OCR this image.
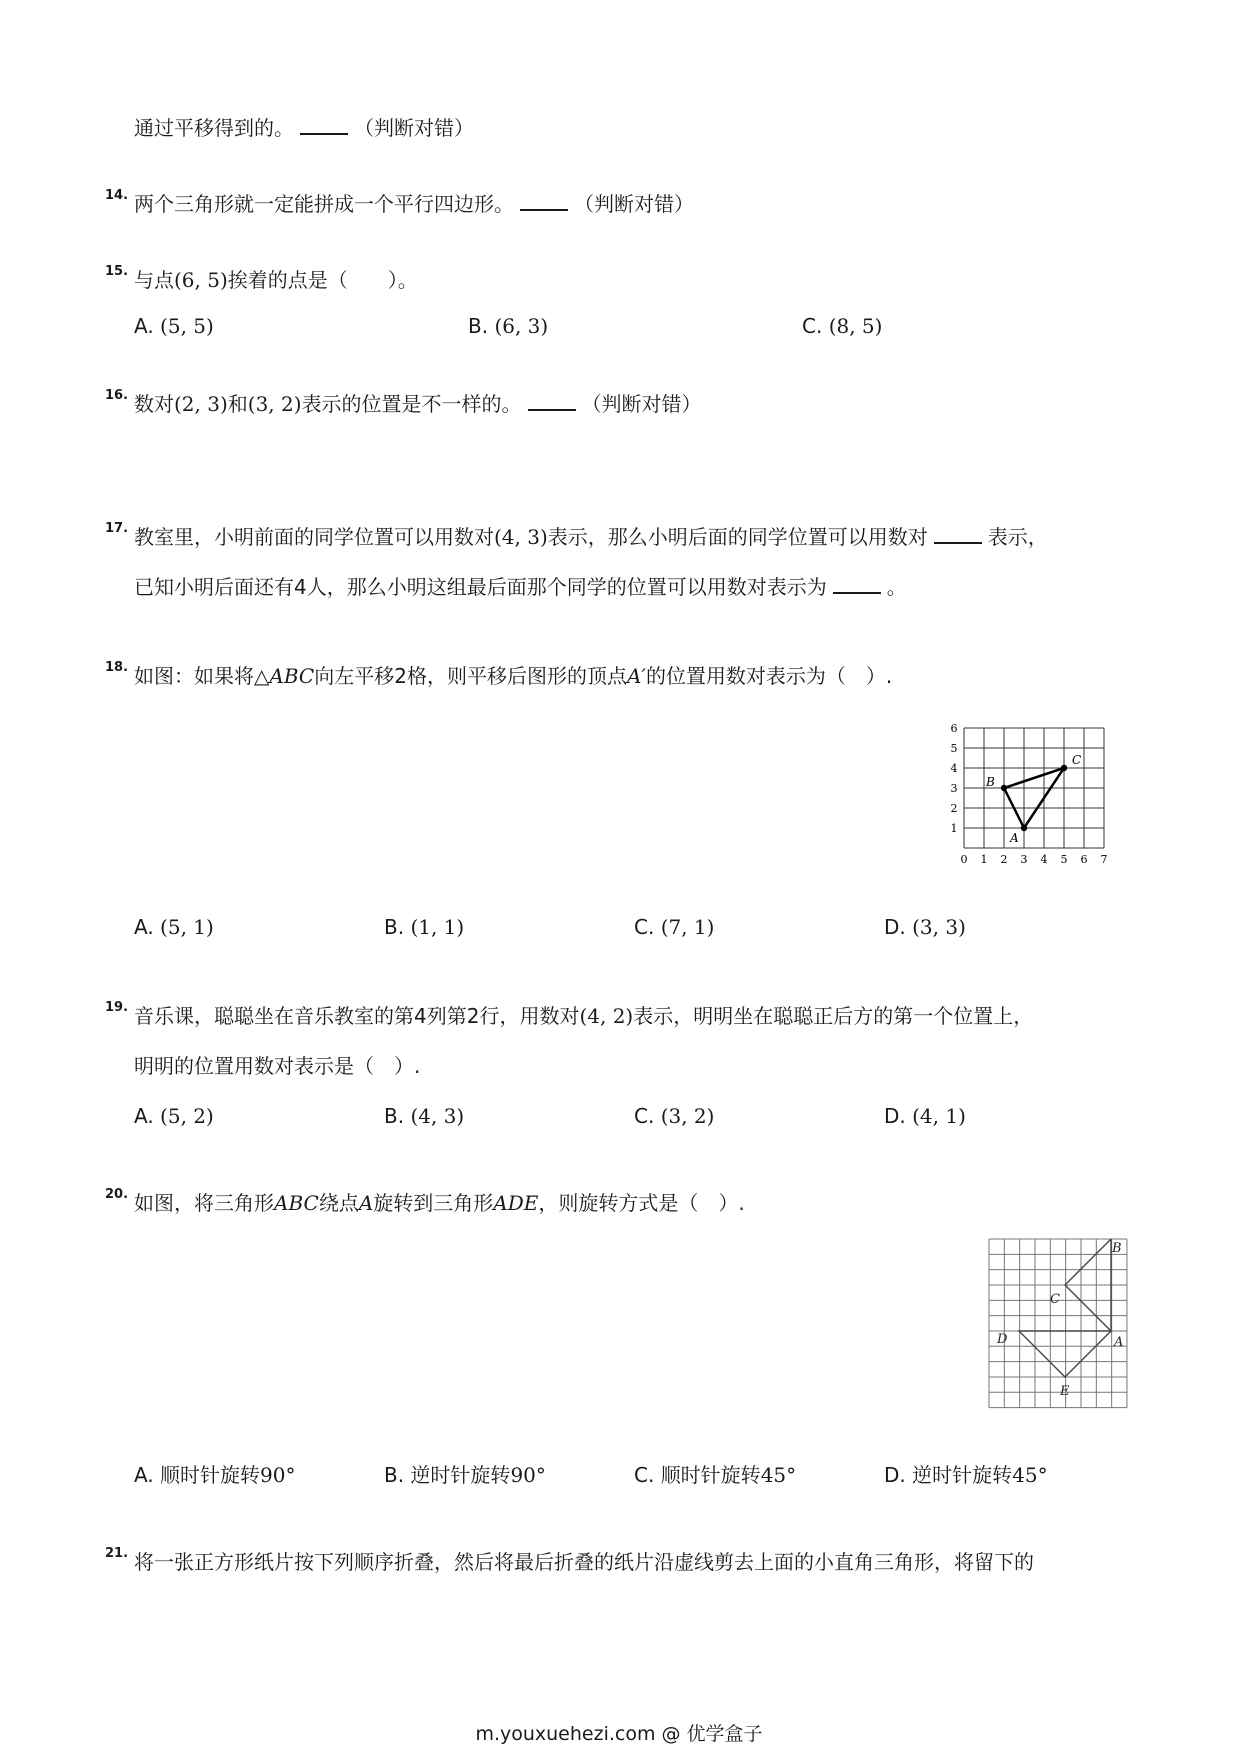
通过平移得到的。	（判断对错）
14. 两个三角形就一定能拼成一个平行四边形。	（判断对错）
15. 与点(6, 5)挨着的点是（　　）。
A. (5, 5)	B. (6, 3)	C. (8, 5)
16. 数对(2, 3)和(3, 2)表示的位置是不一样的。	（判断对错）
17. 教室里，小明前面的同学位置可以用数对(4, 3)表示，那么小明后面的同学位置可以用数对	表示，
已知小明后面还有4人，那么小明这组最后面那个同学的位置可以用数对表示为	。
18. 如图：如果将△ABC向左平移2格，则平移后图形的顶点A′的位置用数对表示为（　）.
0 1 2 3 4 5 6 7
1
2
3
4
5
6
A
B
C
A. (5, 1)	B. (1, 1)	C. (7, 1)	D. (3, 3)
19. 音乐课，聪聪坐在音乐教室的第4列第2行，用数对(4, 2)表示，明明坐在聪聪正后方的第一个位置上，
明明的位置用数对表示是（　）.
A. (5, 2)	B. (4, 3)	C. (3, 2)	D. (4, 1)
20. 如图，将三角形ABC绕点A旋转到三角形ADE，则旋转方式是（　）.
B
C
D	A
E
A. 顺时针旋转90°	B. 逆时针旋转90°	C. 顺时针旋转45°	D. 逆时针旋转45°
21. 将一张正方形纸片按下列顺序折叠，然后将最后折叠的纸片沿虚线剪去上面的小直角三角形，将留下的
m.youxuehezi.com @ 优学盒子
